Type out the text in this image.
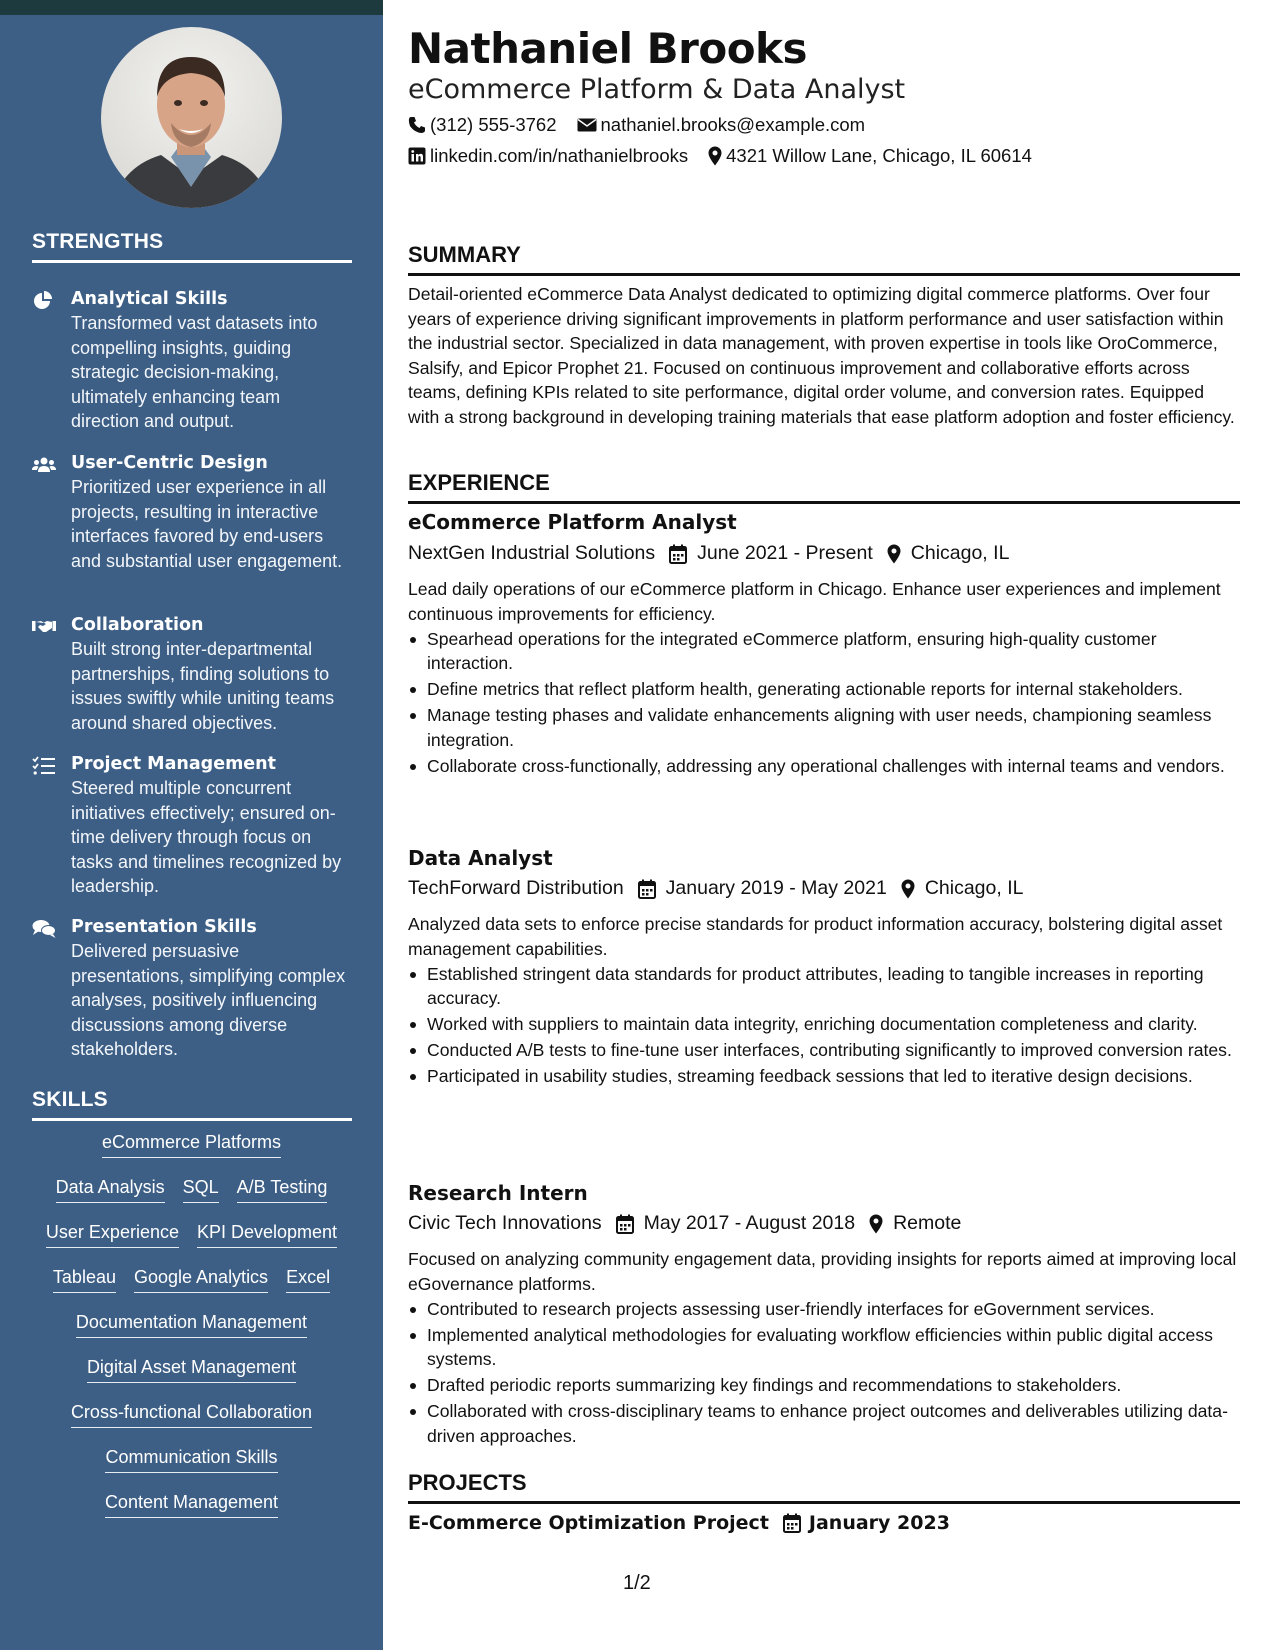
STRENGTHS
Analytical Skills
Transformed vast datasets into compelling insights, guiding strategic decision-making, ultimately enhancing team direction and output.
User-Centric Design
Prioritized user experience in all projects, resulting in interactive interfaces favored by end-users and substantial user engagement.
Collaboration
Built strong inter-departmental partnerships, finding solutions to issues swiftly while uniting teams around shared objectives.
Project Management
Steered multiple concurrent initiatives effectively; ensured on-time delivery through focus on tasks and timelines recognized by leadership.
Presentation Skills
Delivered persuasive presentations, simplifying complex analyses, positively influencing discussions among diverse stakeholders.
SKILLS
eCommerce Platforms
Data Analysis SQL A/B Testing
User Experience KPI Development
Tableau Google Analytics Excel
Documentation Management
Digital Asset Management
Cross-functional Collaboration
Communication Skills
Content Management
Nathaniel Brooks
eCommerce Platform & Data Analyst
(312) 555-3762 nathaniel.brooks@example.com
linkedin.com/in/nathanielbrooks 4321 Willow Lane, Chicago, IL 60614
SUMMARY

Detail-oriented eCommerce Data Analyst dedicated to optimizing digital commerce platforms. Over four years of experience driving significant improvements in platform performance and user satisfaction within the industrial sector. Specialized in data management, with proven expertise in tools like OroCommerce, Salsify, and Epicor Prophet 21. Focused on continuous improvement and collaborative efforts across teams, defining KPIs related to site performance, digital order volume, and conversion rates. Equipped with a strong background in developing training materials that ease platform adoption and foster efficiency.

EXPERIENCE
eCommerce Platform Analyst
NextGen Industrial Solutions June 2021 - Present Chicago, IL

Lead daily operations of our eCommerce platform in Chicago. Enhance user experiences and implement continuous improvements for efficiency.

Spearhead operations for the integrated eCommerce platform, ensuring high-quality customer interaction.
Define metrics that reflect platform health, generating actionable reports for internal stakeholders.
Manage testing phases and validate enhancements aligning with user needs, championing seamless integration.
Collaborate cross-functionally, addressing any operational challenges with internal teams and vendors.
Data Analyst
TechForward Distribution January 2019 - May 2021 Chicago, IL

Analyzed data sets to enforce precise standards for product information accuracy, bolstering digital asset management capabilities.

Established stringent data standards for product attributes, leading to tangible increases in reporting accuracy.
Worked with suppliers to maintain data integrity, enriching documentation completeness and clarity.
Conducted A/B tests to fine-tune user interfaces, contributing significantly to improved conversion rates.
Participated in usability studies, streaming feedback sessions that led to iterative design decisions.
Research Intern
Civic Tech Innovations May 2017 - August 2018 Remote

Focused on analyzing community engagement data, providing insights for reports aimed at improving local eGovernance platforms.

Contributed to research projects assessing user-friendly interfaces for eGovernment services.
Implemented analytical methodologies for evaluating workflow efficiencies within public digital access systems.
Drafted periodic reports summarizing key findings and recommendations to stakeholders.
Collaborated with cross-disciplinary teams to enhance project outcomes and deliverables utilizing data-driven approaches.
PROJECTS
E-Commerce Optimization Project January 2023
1/2
